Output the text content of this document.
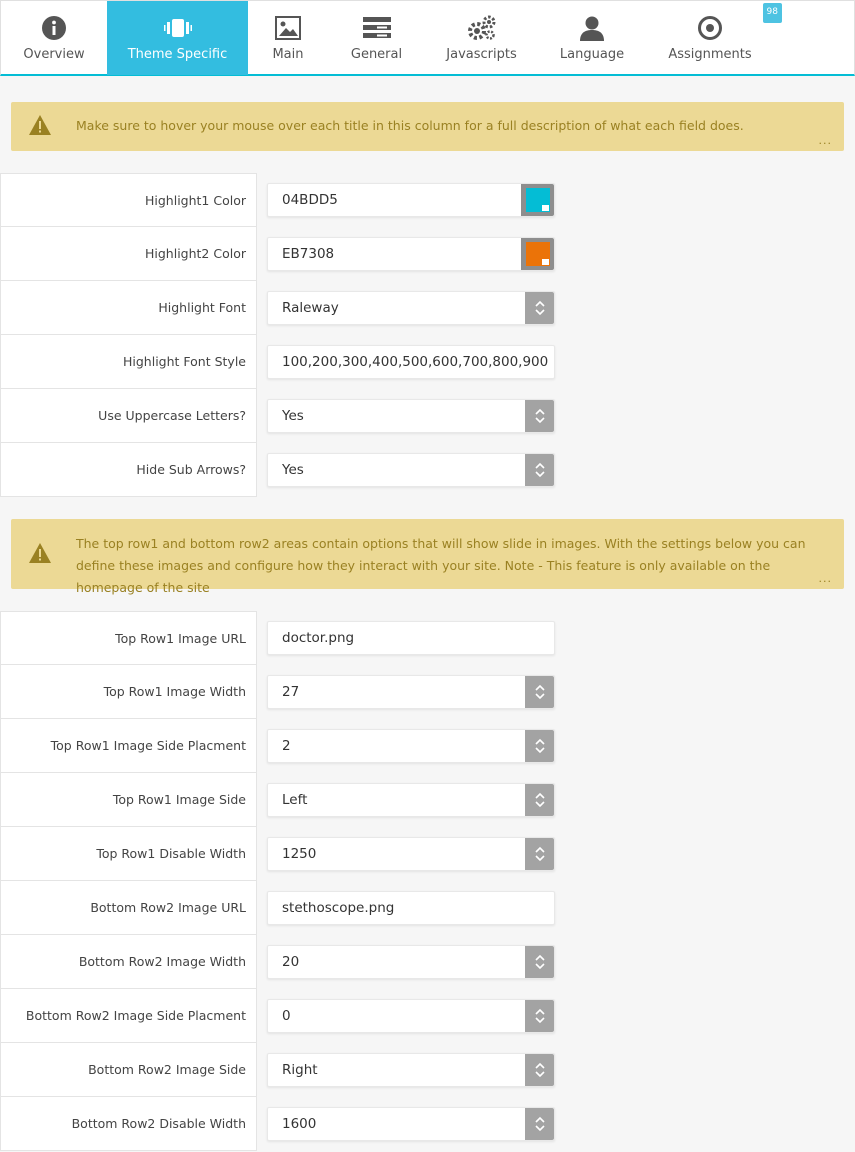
Overview	Theme Specific	Main	General	Javascripts	Language	Assignments
98
Make sure to hover your mouse over each title in this column for a full description of what each field does.
...
Highlight1 Color	04BDD5
Highlight2 Color	EB7308
Highlight Font	Raleway
Highlight Font Style	100,200,300,400,500,600,700,800,900
Use Uppercase Letters?	Yes
Hide Sub Arrows?	Yes
The top row1 and bottom row2 areas contain options that will show slide in images. With the settings below you can define these images and configure how they interact with your site. Note - This feature is only available on the homepage of the site
...
Top Row1 Image URL	doctor.png
Top Row1 Image Width	27
Top Row1 Image Side Placment	2
Top Row1 Image Side	Left
Top Row1 Disable Width	1250
Bottom Row2 Image URL	stethoscope.png
Bottom Row2 Image Width	20
Bottom Row2 Image Side Placment	0
Bottom Row2 Image Side	Right
Bottom Row2 Disable Width	1600
